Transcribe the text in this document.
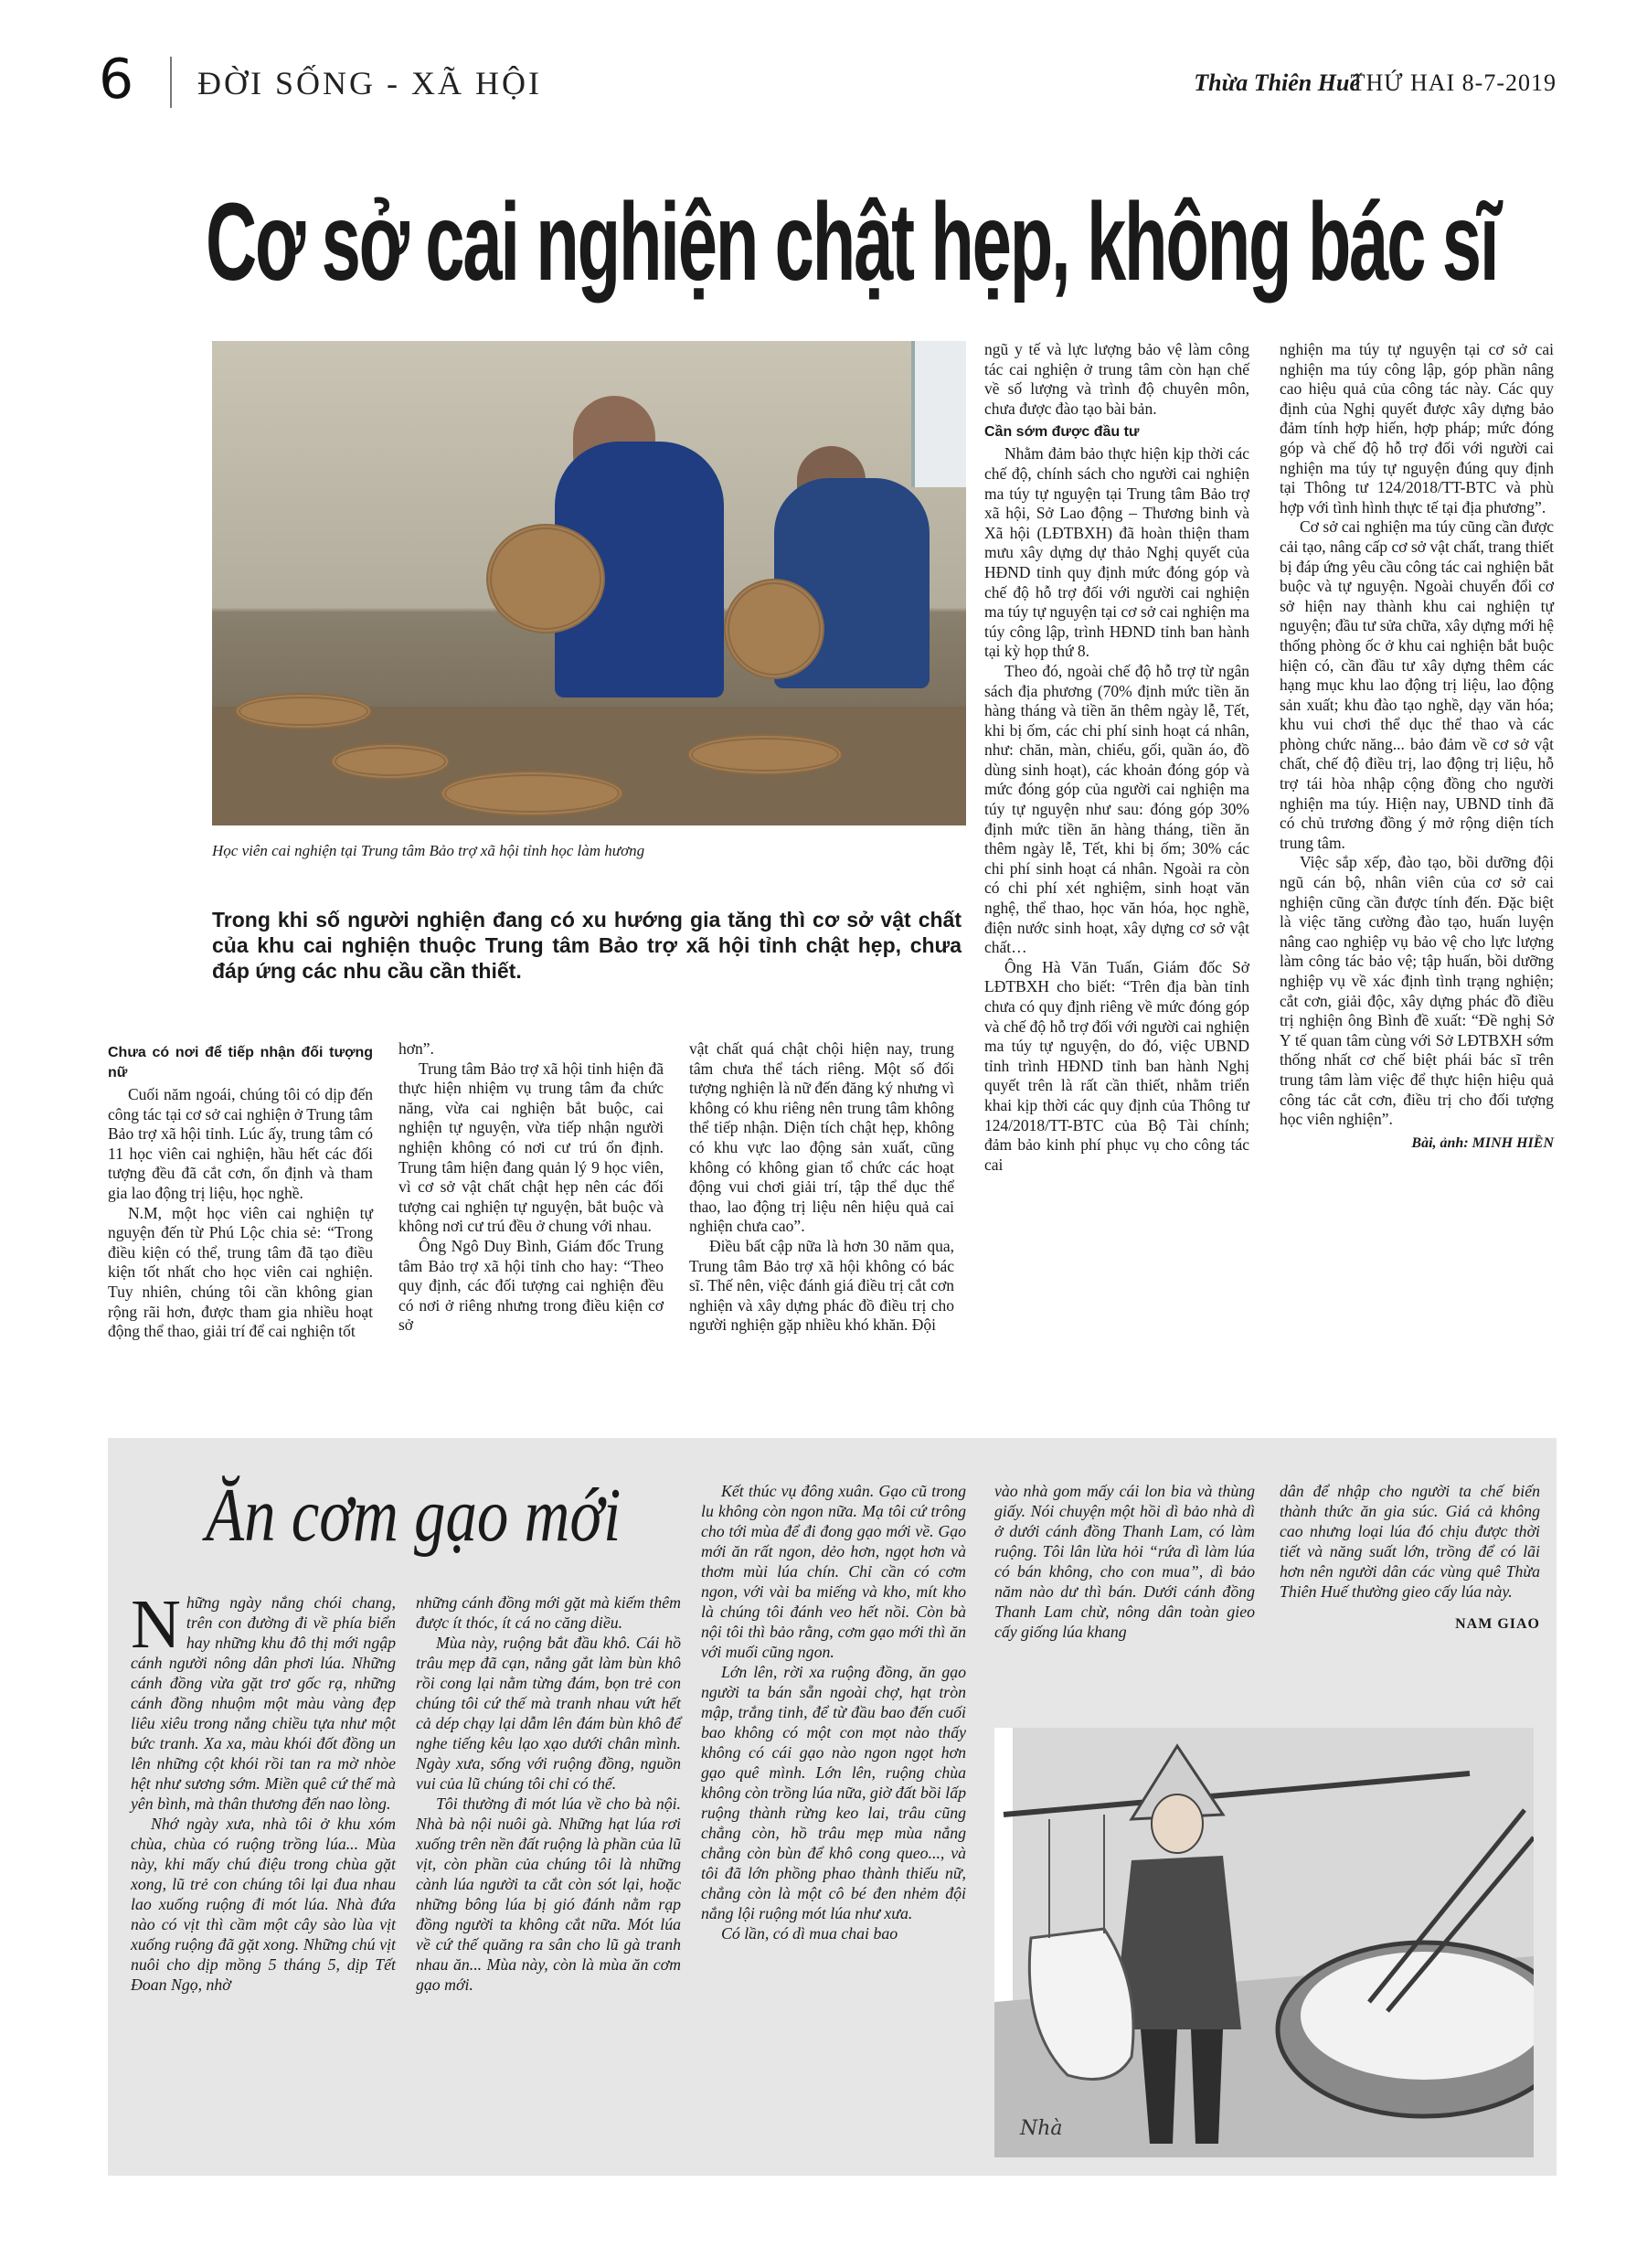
6 ĐỜI SỐNG - XÃ HỘI	Thừa Thiên Huế
THỨ HAI 8-7-2019
Cơ sở cai nghiện chật hẹp, không bác sĩ
Học viên cai nghiện tại Trung tâm Bảo trợ xã hội tỉnh học làm hương
Trong khi số người nghiện đang có xu hướng gia tăng thì cơ sở vật chất của khu cai nghiện thuộc Trung tâm Bảo trợ xã hội tỉnh chật hẹp, chưa đáp ứng các nhu cầu cần thiết.
Chưa có nơi để tiếp nhận đối tượng nữ

Cuối năm ngoái, chúng tôi có dịp đến công tác tại cơ sở cai nghiện ở Trung tâm Bảo trợ xã hội tỉnh. Lúc ấy, trung tâm có 11 học viên cai nghiện, hầu hết các đối tượng đều đã cắt cơn, ổn định và tham gia lao động trị liệu, học nghề.

N.M, một học viên cai nghiện tự nguyện đến từ Phú Lộc chia sẻ: “Trong điều kiện có thể, trung tâm đã tạo điều kiện tốt nhất cho học viên cai nghiện. Tuy nhiên, chúng tôi cần không gian rộng rãi hơn, được tham gia nhiều hoạt động thể thao, giải trí để cai nghiện tốt

hơn”.

Trung tâm Bảo trợ xã hội tỉnh hiện đã thực hiện nhiệm vụ trung tâm đa chức năng, vừa cai nghiện bắt buộc, cai nghiện tự nguyện, vừa tiếp nhận người nghiện không có nơi cư trú ổn định. Trung tâm hiện đang quản lý 9 học viên, vì cơ sở vật chất chật hẹp nên các đối tượng cai nghiện tự nguyện, bắt buộc và không nơi cư trú đều ở chung với nhau.

Ông Ngô Duy Bình, Giám đốc Trung tâm Bảo trợ xã hội tỉnh cho hay: “Theo quy định, các đối tượng cai nghiện đều có nơi ở riêng nhưng trong điều kiện cơ sở

vật chất quá chật chội hiện nay, trung tâm chưa thể tách riêng. Một số đối tượng nghiện là nữ đến đăng ký nhưng vì không có khu riêng nên trung tâm không thể tiếp nhận. Diện tích chật hẹp, không có khu vực lao động sản xuất, cũng không có không gian tổ chức các hoạt động vui chơi giải trí, tập thể dục thể thao, lao động trị liệu nên hiệu quả cai nghiện chưa cao”.

Điều bất cập nữa là hơn 30 năm qua, Trung tâm Bảo trợ xã hội không có bác sĩ. Thế nên, việc đánh giá điều trị cắt cơn nghiện và xây dựng phác đồ điều trị cho người nghiện gặp nhiều khó khăn. Đội

ngũ y tế và lực lượng bảo vệ làm công tác cai nghiện ở trung tâm còn hạn chế về số lượng và trình độ chuyên môn, chưa được đào tạo bài bản.

Cần sớm được đầu tư

Nhằm đảm bảo thực hiện kịp thời các chế độ, chính sách cho người cai nghiện ma túy tự nguyện tại Trung tâm Bảo trợ xã hội, Sở Lao động – Thương binh và Xã hội (LĐTBXH) đã hoàn thiện tham mưu xây dựng dự thảo Nghị quyết của HĐND tỉnh quy định mức đóng góp và chế độ hỗ trợ đối với người cai nghiện ma túy tự nguyện tại cơ sở cai nghiện ma túy công lập, trình HĐND tỉnh ban hành tại kỳ họp thứ 8.

Theo đó, ngoài chế độ hỗ trợ từ ngân sách địa phương (70% định mức tiền ăn hàng tháng và tiền ăn thêm ngày lễ, Tết, khi bị ốm, các chi phí sinh hoạt cá nhân, như: chăn, màn, chiếu, gối, quần áo, đồ dùng sinh hoạt), các khoản đóng góp và mức đóng góp của người cai nghiện ma túy tự nguyện như sau: đóng góp 30% định mức tiền ăn hàng tháng, tiền ăn thêm ngày lễ, Tết, khi bị ốm; 30% các chi phí sinh hoạt cá nhân. Ngoài ra còn có chi phí xét nghiệm, sinh hoạt văn nghệ, thể thao, học văn hóa, học nghề, điện nước sinh hoạt, xây dựng cơ sở vật chất…

Ông Hà Văn Tuấn, Giám đốc Sở LĐTBXH cho biết: “Trên địa bàn tỉnh chưa có quy định riêng về mức đóng góp và chế độ hỗ trợ đối với người cai nghiện ma túy tự nguyện, do đó, việc UBND tỉnh trình HĐND tỉnh ban hành Nghị quyết trên là rất cần thiết, nhằm triển khai kịp thời các quy định của Thông tư 124/2018/TT-BTC của Bộ Tài chính; đảm bảo kinh phí phục vụ cho công tác cai

nghiện ma túy tự nguyện tại cơ sở cai nghiện ma túy công lập, góp phần nâng cao hiệu quả của công tác này. Các quy định của Nghị quyết được xây dựng bảo đảm tính hợp hiến, hợp pháp; mức đóng góp và chế độ hỗ trợ đối với người cai nghiện ma túy tự nguyện đúng quy định tại Thông tư 124/2018/TT-BTC và phù hợp với tình hình thực tế tại địa phương”.

Cơ sở cai nghiện ma túy cũng cần được cải tạo, nâng cấp cơ sở vật chất, trang thiết bị đáp ứng yêu cầu công tác cai nghiện bắt buộc và tự nguyện. Ngoài chuyển đổi cơ sở hiện nay thành khu cai nghiện tự nguyện; đầu tư sửa chữa, xây dựng mới hệ thống phòng ốc ở khu cai nghiện bắt buộc hiện có, cần đầu tư xây dựng thêm các hạng mục khu lao động trị liệu, lao động sản xuất; khu đào tạo nghề, dạy văn hóa; khu vui chơi thể dục thể thao và các phòng chức năng... bảo đảm về cơ sở vật chất, chế độ điều trị, lao động trị liệu, hỗ trợ tái hòa nhập cộng đồng cho người nghiện ma túy. Hiện nay, UBND tỉnh đã có chủ trương đồng ý mở rộng diện tích trung tâm.

Việc sắp xếp, đào tạo, bồi dưỡng đội ngũ cán bộ, nhân viên của cơ sở cai nghiện cũng cần được tính đến. Đặc biệt là việc tăng cường đào tạo, huấn luyện nâng cao nghiệp vụ bảo vệ cho lực lượng làm công tác bảo vệ; tập huấn, bồi dưỡng nghiệp vụ về xác định tình trạng nghiện; cắt cơn, giải độc, xây dựng phác đồ điều trị nghiện ông Bình đề xuất: “Đề nghị Sở Y tế quan tâm cùng với Sở LĐTBXH sớm thống nhất cơ chế biệt phái bác sĩ trên trung tâm làm việc để thực hiện hiệu quả công tác cắt cơn, điều trị cho đối tượng học viên nghiện”.

Bài, ảnh: MINH HIỀN
Ăn cơm gạo mới

Những ngày nắng chói chang, trên con đường đi về phía biển hay những khu đô thị mới ngập cánh người nông dân phơi lúa. Những cánh đồng vừa gặt trơ gốc rạ, những cánh đồng nhuộm một màu vàng đẹp liêu xiêu trong nắng chiều tựa như một bức tranh. Xa xa, màu khói đốt đồng un lên những cột khói rồi tan ra mờ nhòe hệt như sương sớm. Miền quê cứ thế mà yên bình, mà thân thương đến nao lòng.

Nhớ ngày xưa, nhà tôi ở khu xóm chùa, chùa có ruộng trồng lúa... Mùa này, khi mấy chú điệu trong chùa gặt xong, lũ trẻ con chúng tôi lại đua nhau lao xuống ruộng đi mót lúa. Nhà đứa nào có vịt thì cầm một cây sào lùa vịt xuống ruộng đã gặt xong. Những chú vịt nuôi cho dịp mồng 5 tháng 5, dịp Tết Đoan Ngọ, nhờ

những cánh đồng mới gặt mà kiếm thêm được ít thóc, ít cá no căng diều.

Mùa này, ruộng bắt đầu khô. Cái hồ trâu mẹp đã cạn, nắng gắt làm bùn khô rồi cong lại nằm từng đám, bọn trẻ con chúng tôi cứ thế mà tranh nhau vứt hết cả dép chạy lại dẫm lên đám bùn khô để nghe tiếng kêu lạo xạo dưới chân mình. Ngày xưa, sống với ruộng đồng, nguồn vui của lũ chúng tôi chỉ có thế.

Tôi thường đi mót lúa về cho bà nội. Nhà bà nội nuôi gà. Những hạt lúa rơi xuống trên nền đất ruộng là phần của lũ vịt, còn phần của chúng tôi là những cành lúa người ta cắt còn sót lại, hoặc những bông lúa bị gió đánh nằm rạp đồng người ta không cắt nữa. Mót lúa về cứ thế quăng ra sân cho lũ gà tranh nhau ăn... Mùa này, còn là mùa ăn cơm gạo mới.

Kết thúc vụ đông xuân. Gạo cũ trong lu không còn ngon nữa. Mạ tôi cứ trông cho tới mùa để đi đong gạo mới về. Gạo mới ăn rất ngon, dẻo hơn, ngọt hơn và thơm mùi lúa chín. Chỉ cần có cơm ngon, với vài ba miếng và kho, mít kho là chúng tôi đánh veo hết nồi. Còn bà nội tôi thì bảo rằng, cơm gạo mới thì ăn với muối cũng ngon.

Lớn lên, rời xa ruộng đồng, ăn gạo người ta bán sẵn ngoài chợ, hạt tròn mập, trắng tinh, để từ đầu bao đến cuối bao không có một con mọt nào thấy không có cái gạo nào ngon ngọt hơn gạo quê mình. Lớn lên, ruộng chùa không còn trồng lúa nữa, giờ đất bồi lấp ruộng thành rừng keo lai, trâu cũng chẳng còn, hồ trâu mẹp mùa nắng chẳng còn bùn để khô cong queo..., và tôi đã lớn phồng phao thành thiếu nữ, chẳng còn là một cô bé đen nhẻm đội nắng lội ruộng mót lúa như xưa.

Có lần, có dì mua chai bao

vào nhà gom mấy cái lon bia và thùng giấy. Nói chuyện một hồi dì bảo nhà dì ở dưới cánh đồng Thanh Lam, có làm ruộng. Tôi lân lừa hỏi “rứa dì làm lúa có bán không, cho con mua”, dì bảo năm nào dư thì bán. Dưới cánh đồng Thanh Lam chừ, nông dân toàn gieo cấy giống lúa khang

dân để nhập cho người ta chế biến thành thức ăn gia súc. Giá cả không cao nhưng loại lúa đó chịu được thời tiết và năng suất lớn, trồng để có lãi hơn nên người dân các vùng quê Thừa Thiên Huế thường gieo cấy lúa này.

NAM GIAO
Nhà
